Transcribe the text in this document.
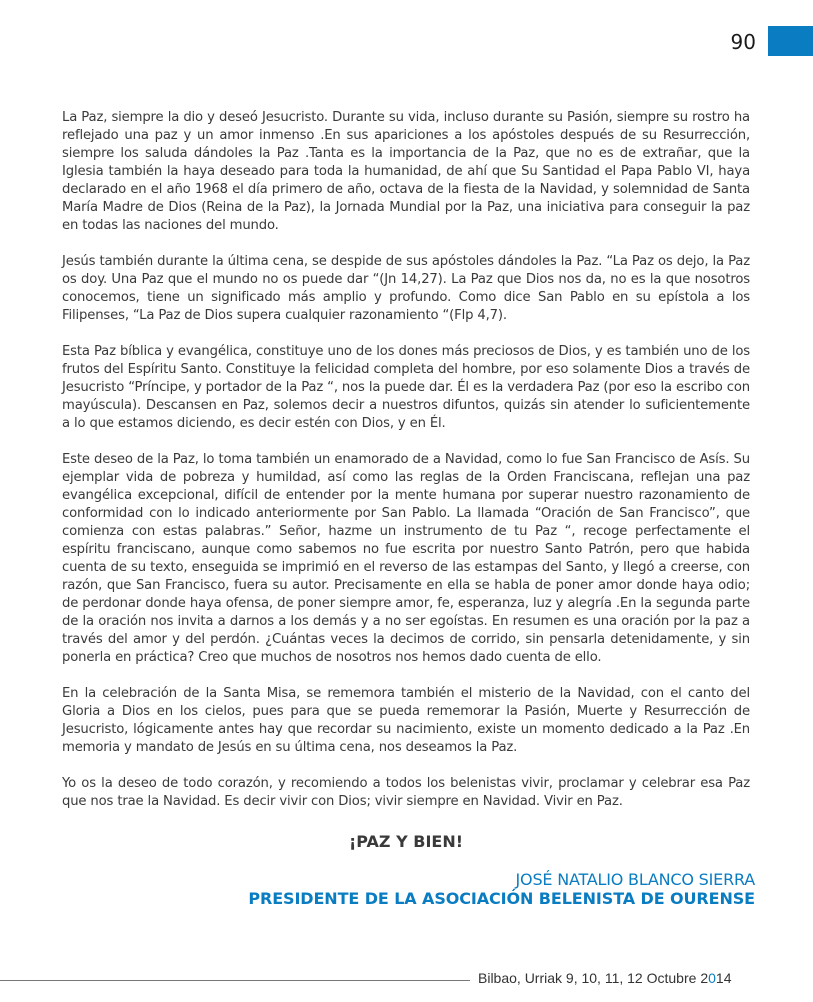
90

La Paz, siempre la dio y deseó Jesucristo. Durante su vida, incluso durante su Pasión, siempre su rostro ha reflejado una paz y un amor inmenso .En sus apariciones a los apóstoles después de su Resurrección, siempre los saluda dándoles la Paz .Tanta es la importancia de la Paz, que no es de extrañar, que la Iglesia también la haya deseado para toda la humanidad, de ahí que Su Santidad el Papa Pablo VI, haya declarado en el año 1968 el día primero de año, octava de la fiesta de la Navidad, y solemnidad de Santa María Madre de Dios (Reina de la Paz), la Jornada Mundial por la Paz, una iniciativa para conseguir la paz en todas las naciones del mundo.

Jesús también durante la última cena, se despide de sus apóstoles dándoles la Paz. “La Paz os dejo, la Paz os doy. Una Paz que el mundo no os puede dar “(Jn 14,27). La Paz que Dios nos da, no es la que nosotros conocemos, tiene un significado más amplio y profundo. Como dice San Pablo en su epístola a los Filipenses, “La Paz de Dios supera cualquier razonamiento “(Flp 4,7).

Esta Paz bíblica y evangélica, constituye uno de los dones más preciosos de Dios, y es también uno de los frutos del Espíritu Santo. Constituye la felicidad completa del hombre, por eso solamente Dios a través de Jesucristo “Príncipe, y portador de la Paz “, nos la puede dar. Él es la verdadera Paz (por eso la escribo con mayúscula). Descansen en Paz, solemos decir a nuestros difuntos, quizás sin atender lo suficientemente a lo que estamos diciendo, es decir estén con Dios, y en Él.

Este deseo de la Paz, lo toma también un enamorado de a Navidad, como lo fue San Francisco de Asís. Su ejemplar vida de pobreza y humildad, así como las reglas de la Orden Franciscana, reflejan una paz evangélica excepcional, difícil de entender por la mente humana por superar nuestro razonamiento de conformidad con lo indicado anteriormente por San Pablo. La llamada “Oración de San Francisco”, que comienza con estas palabras.” Señor, hazme un instrumento de tu Paz “, recoge perfectamente el espíritu franciscano, aunque como sabemos no fue escrita por nuestro Santo Patrón, pero que habida cuenta de su texto, enseguida se imprimió en el reverso de las estampas del Santo, y llegó a creerse, con razón, que San Francisco, fuera su autor. Precisamente en ella se habla de poner amor donde haya odio; de perdonar donde haya ofensa, de poner siempre amor, fe, esperanza, luz y alegría .En la segunda parte de la oración nos invita a darnos a los demás y a no ser egoístas. En resumen es una oración por la paz a través del amor y del perdón. ¿Cuántas veces la decimos de corrido, sin pensarla detenidamente, y sin ponerla en práctica? Creo que muchos de nosotros nos hemos dado cuenta de ello.

En la celebración de la Santa Misa, se rememora también el misterio de la Navidad, con el canto del Gloria a Dios en los cielos, pues para que se pueda rememorar la Pasión, Muerte y Resurrección de Jesucristo, lógicamente antes hay que recordar su nacimiento, existe un momento dedicado a la Paz .En memoria y mandato de Jesús en su última cena, nos deseamos la Paz.

Yo os la deseo de todo corazón, y recomiendo a todos los belenistas vivir, proclamar y celebrar esa Paz que nos trae la Navidad. Es decir vivir con Dios; vivir siempre en Navidad. Vivir en Paz.

¡PAZ Y BIEN!
JOSÉ NATALIO BLANCO SIERRA
PRESIDENTE DE LA ASOCIACIÓN BELENISTA DE OURENSE
Bilbao, Urriak 9, 10, 11, 12 Octubre 2014
